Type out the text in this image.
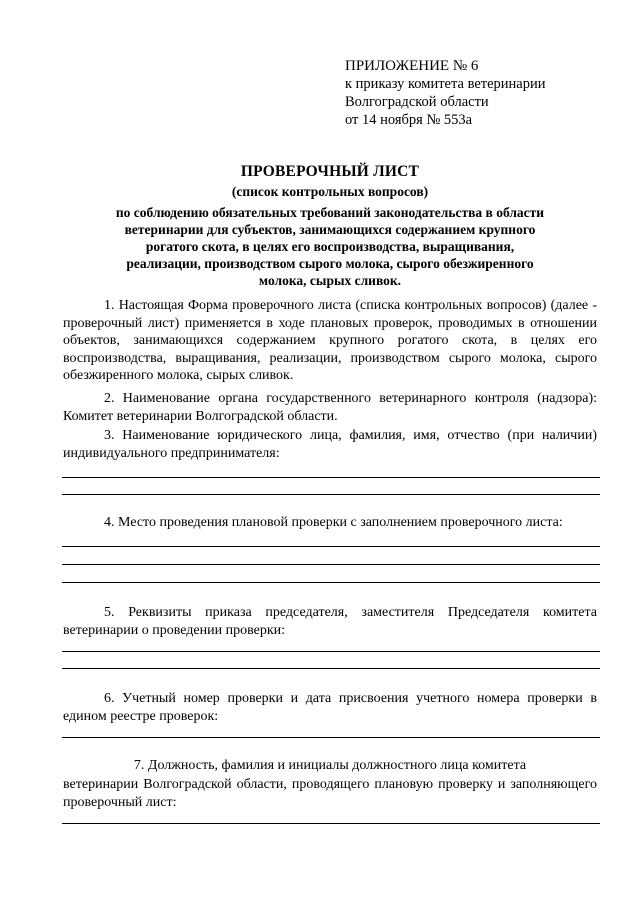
ПРИЛОЖЕНИЕ № 6
к приказу комитета ветеринарии
Волгоградской области
от 14 ноября № 553а
ПРОВЕРОЧНЫЙ ЛИСТ
(список контрольных вопросов)
по соблюдению обязательных требований законодательства в области
ветеринарии для субъектов, занимающихся содержанием крупного
рогатого скота, в целях его воспроизводства, выращивания,
реализации, производством сырого молока, сырого обезжиренного
молока, сырых сливок.
1. Настоящая Форма проверочного листа (списка контрольных вопросов) (далее - проверочный лист) применяется в ходе плановых проверок, проводимых в отношении объектов, занимающихся содержанием крупного рогатого скота, в целях его воспроизводства, выращивания, реализации, производством сырого молока, сырого обезжиренного молока, сырых сливок.
2. Наименование органа государственного ветеринарного контроля (надзора): Комитет ветеринарии Волгоградской области.
3. Наименование юридического лица, фамилия, имя, отчество (при наличии) индивидуального предпринимателя:
4. Место проведения плановой проверки с заполнением проверочного листа:
5. Реквизиты приказа председателя, заместителя Председателя комитета ветеринарии о проведении проверки:
6. Учетный номер проверки и дата присвоения учетного номера проверки в едином реестре проверок:
7. Должность, фамилия и инициалы должностного лица комитета
ветеринарии Волгоградской области, проводящего плановую проверку и заполняющего проверочный лист:
